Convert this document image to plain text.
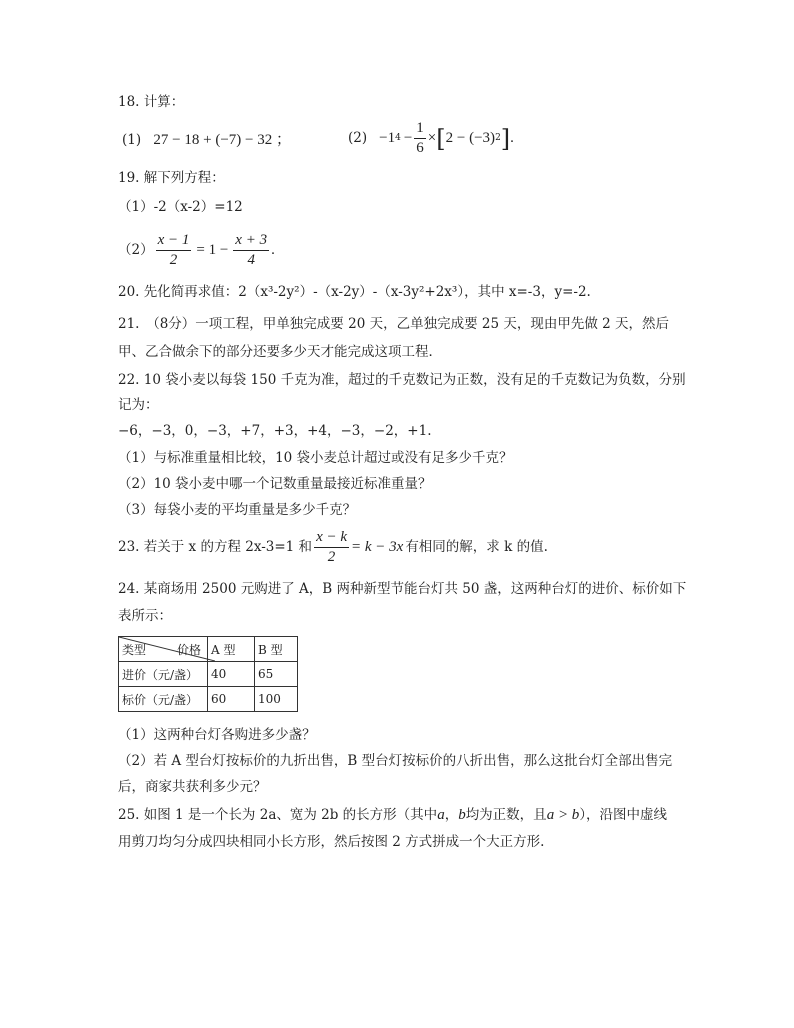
18. 计算：
(1) 27 − 18 + (−7) − 32 ；	(2) −1 $4 - \frac{1}{6}$ × [ 2 − (−3) 2 ] .
19. 解下列方程：
（1）-2（x-2）=12
$(2) \frac{x - 1}{2} = 1 - \frac{x + 3}{4}$ .
20. 先化简再求值：2（x³-2y²）-（x-2y）-（x-3y²+2x³），其中 x=-3，y=-2.
21.　（8分）一项工程，甲单独完成要 20 天，乙单独完成要 25 天，现由甲先做 2 天，然后
甲、乙合做余下的部分还要多少天才能完成这项工程．
22. 10 袋小麦以每袋 150 千克为准，超过的千克数记为正数，没有足的千克数记为负数，分别
记为：
−6，−3，0，−3，+7，+3，+4，−3，−2，+1.
（1）与标准重量相比较，10 袋小麦总计超过或没有足多少千克？
（2）10 袋小麦中哪一个记数重量最接近标准重量？
（3）每袋小麦的平均重量是多少千克？
23. 若关于 x 的方程 2x-3=1 和 $\frac{x - k}{2} = k - 3x$ 有相同的解，求 k 的值.
24. 某商场用 2500 元购进了 A，B 两种新型节能台灯共 50 盏，这两种台灯的进价、标价如下
表所示：
类型 价格	A 型	B 型
进价（元/盏）	40	65
标价（元/盏）	60	100
（1）这两种台灯各购进多少盏？
（2）若 A 型台灯按标价的九折出售，B 型台灯按标价的八折出售，那么这批台灯全部出售完
后，商家共获利多少元？
25. 如图 1 是一个长为 2a、宽为 2b 的长方形（其中a，b均为正数，且a > b），沿图中虚线
用剪刀均匀分成四块相同小长方形，然后按图 2 方式拼成一个大正方形.
